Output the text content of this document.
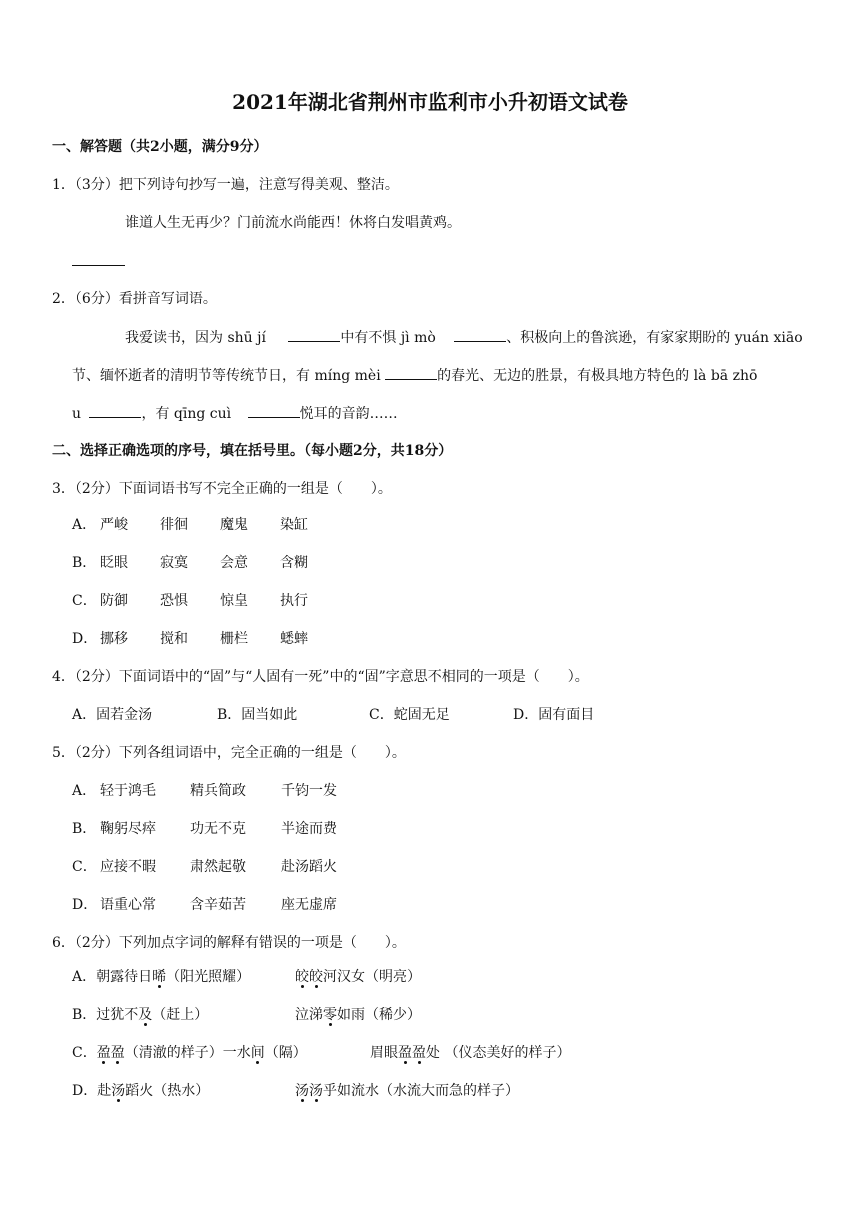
2021年湖北省荆州市监利市小升初语文试卷
一、解答题（共2小题，满分9分）
1．（3分）把下列诗句抄写一遍，注意写得美观、整洁。
谁道人生无再少？门前流水尚能西！休将白发唱黄鸡。
2．（6分）看拼音写词语。
我爱读书，因为 shū jí	中有不惧 jì mò	、积极向上的鲁滨逊，有家家期盼的 yuán xiāo
节、缅怀逝者的清明节等传统节日，有 míng mèi	的春光、无边的胜景，有极具地方特色的 là bā zhō
u	，有 qīng cuì	悦耳的音韵……
二、选择正确选项的序号，填在括号里。（每小题2分，共18分）
3．（2分）下面词语书写不完全正确的一组是（　　）。
A． 严峻 徘徊 魔鬼 染缸
B． 眨眼 寂寞 会意 含糊
C． 防御 恐惧 惊皇 执行
D． 挪移 搅和 栅栏 蟋蟀
4．（2分）下面词语中的“固”与“人固有一死”中的“固”字意思不相同的一项是（　　）。
A．固若金汤	B．固当如此	C．蛇固无足	D．固有面目
5．（2分）下列各组词语中，完全正确的一组是（　　）。
A． 轻于鸿毛 精兵简政	千钧一发
B． 鞠躬尽瘁 功无不克	半途而费
C． 应接不暇 肃然起敬	赴汤蹈火
D． 语重心常 含辛茹苦	座无虚席
6．（2分）下列加点字词的解释有错误的一项是（　　）。
A．朝露待日晞（阳光照耀）	皎皎河汉女（明亮）
B．过犹不及（赶上）	泣涕零如雨（稀少）
C．盈盈（清澈的样子）一水间（隔）	眉眼盈盈处 （仪态美好的样子）
D．赴汤蹈火（热水）	汤汤乎如流水（水流大而急的样子）
